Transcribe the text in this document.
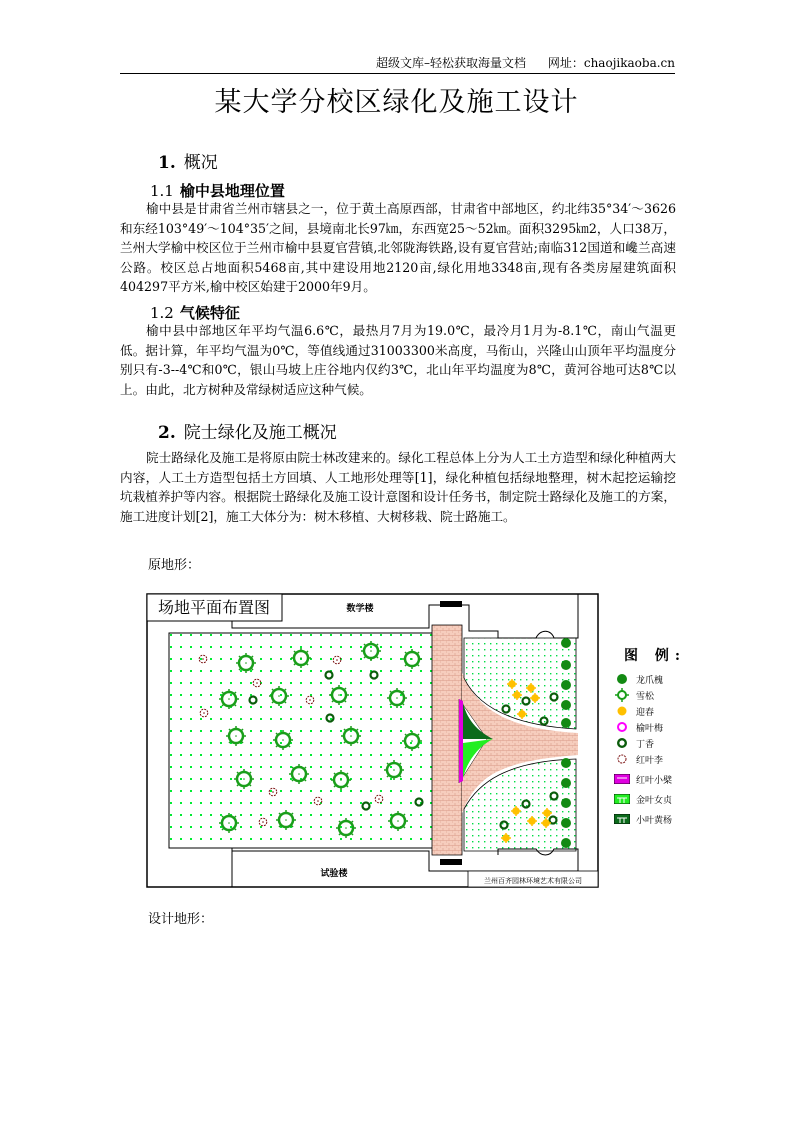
超级文库–轻松获取海量文档 网址：chaojikaoba.cn
某大学分校区绿化及施工设计
1. 概况
1.1 榆中县地理位置
榆中县是甘肃省兰州市辖县之一，位于黄土高原西部，甘肃省中部地区，约北纬35°34′～3626和东经103°49′～104°35′之间，县境南北长97㎞，东西宽25～52㎞。面积3295㎞2，人口38万，兰州大学榆中校区位于兰州市榆中县夏官营镇,北邻陇海铁路,设有夏官营站;南临312国道和巉兰高速公路。校区总占地面积5468亩,其中建设用地2120亩,绿化用地3348亩,现有各类房屋建筑面积404297平方米,榆中校区始建于2000年9月。
1.2 气候特征
榆中县中部地区年平均气温6.6℃，最热月7月为19.0℃，最冷月1月为-8.1℃，南山气温更低。据计算，年平均气温为0℃，等值线通过31003300米高度，马衔山，兴隆山山顶年平均温度分别只有-3--4℃和0℃，银山马坡上庄谷地内仅约3℃，北山年平均温度为8℃，黄河谷地可达8℃以上。由此，北方树种及常绿树适应这种气候。
2. 院士绿化及施工概况
院士路绿化及施工是将原由院士林改建来的。绿化工程总体上分为人工土方造型和绿化种植两大内容，人工土方造型包括土方回填、人工地形处理等[1]，绿化种植包括绿地整理，树木起挖运输挖坑栽植养护等内容。根据院士路绿化及施工设计意图和设计任务书，制定院士路绿化及施工的方案，施工进度计划[2]，施工大体分为：树木移植、大树移栽、院士路施工。
原地形：
场地平面布置图	数学楼
试验楼
兰州百齐园林环境艺术有限公司
图 例:
龙爪槐
雪松
迎春
榆叶梅
丁香
红叶李
红叶小檗
金叶女贞
小叶黄杨
设计地形：
